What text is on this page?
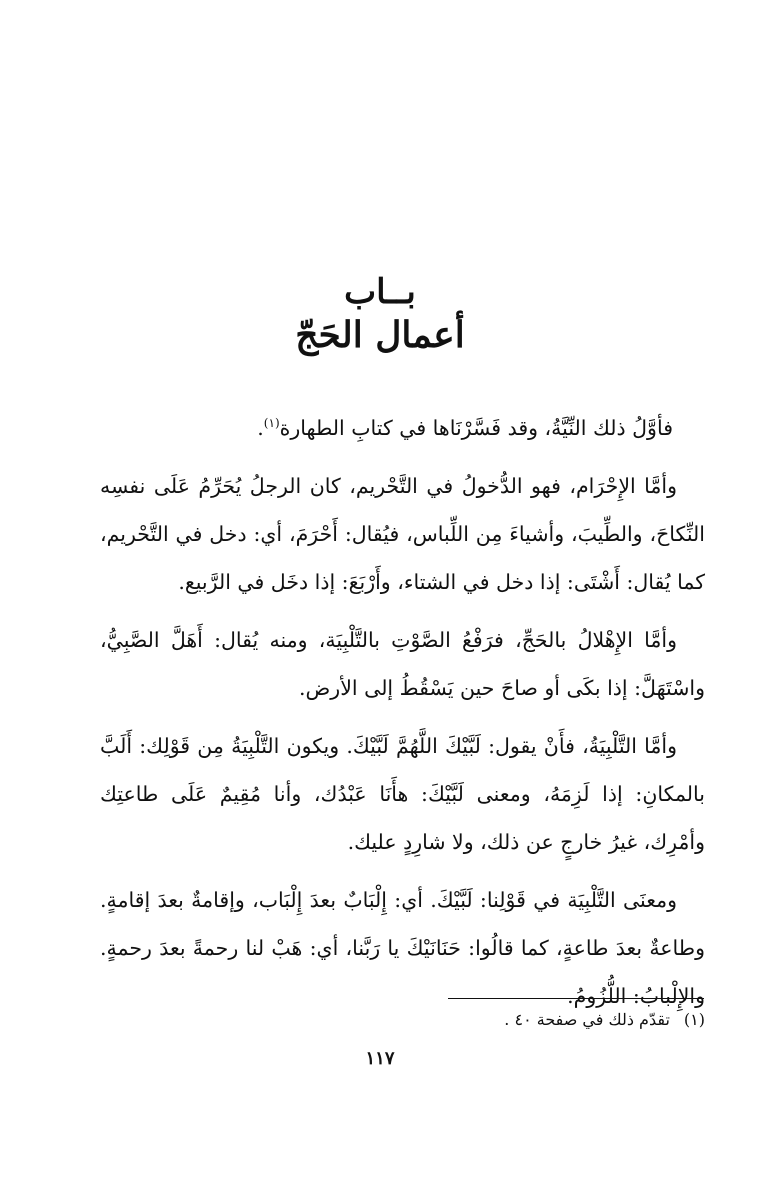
بــاب
أعمال الحَجّ

فأوَّلُ ذلك النِّيَّةُ، وقد فَسَّرْنَاها في كتابِ الطهارة$^{(١)}$.

وأمَّا الإِحْرَام، فهو الدُّخولُ في التَّحْريم، كان الرجلُ يُحَرِّمُ عَلَى نفسِه النِّكاحَ، والطِّيبَ، وأشياءَ مِن اللِّباس، فيُقال: أَحْرَمَ، أي: دخل في التَّحْريم، كما يُقال: أَشْتَى: إذا دخل في الشتاء، وأَرْبَعَ: إذا دخَل في الرَّبيع.

وأمَّا الإِهْلالُ بالحَجِّ، فرَفْعُ الصَّوْتِ بالتَّلْبِيَة، ومنه يُقال: أَهَلَّ الصَّبِيُّ، واسْتَهَلَّ: إذا بكَى أو صاحَ حين يَسْقُطُ إلى الأرض.

وأمَّا التَّلْبِيَةُ، فأَنْ يقول: لَبَّيْكَ اللَّهُمَّ لَبَّيْكَ. ويكون التَّلْبِيَةُ مِن قَوْلِك: أَلَبَّ بالمكانِ: إذا لَزِمَهُ، ومعنى لَبَّيْكَ: هأَنَا عَبْدُك، وأنا مُقِيمٌ عَلَى طاعتِك وأمْرِك، غيرُ خارجٍ عن ذلك، ولا شارِدٍ عليك.

ومعنَى التَّلْبِيَة في قَوْلِنا: لَبَّيْكَ. أي: إِلْبَابٌ بعدَ إِلْبَاب، وإقامةٌ بعدَ إقامةٍ. وطاعةٌ بعدَ طاعةٍ، كما قالُوا: حَنَانَيْكَ يا رَبَّنا، أي: هَبْ لنا رحمةً بعدَ رحمةٍ. والإِلْبابُ: اللُّزُومُ.

(١)تقدّم ذلك في صفحة ٤٠ .
١١٧
